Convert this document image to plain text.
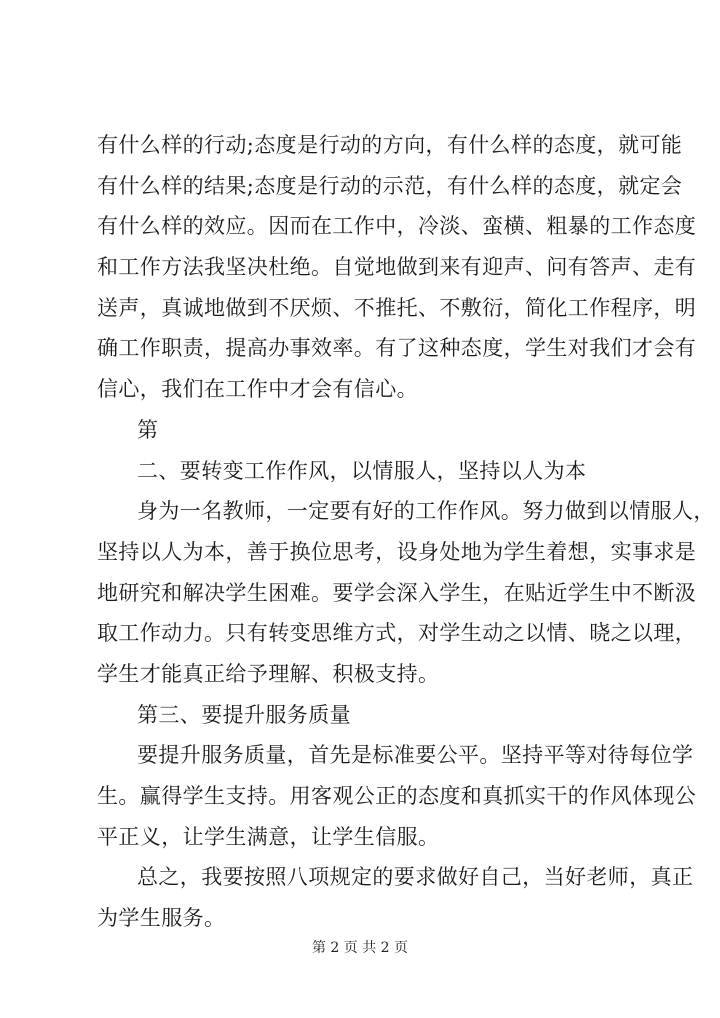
有什么样的行动;态度是行动的方向，有什么样的态度，就可能
有什么样的结果;态度是行动的示范，有什么样的态度，就定会
有什么样的效应。因而在工作中，冷淡、蛮横、粗暴的工作态度
和工作方法我坚决杜绝。自觉地做到来有迎声、问有答声、走有
送声，真诚地做到不厌烦、不推托、不敷衍，简化工作程序，明
确工作职责，提高办事效率。有了这种态度，学生对我们才会有
信心，我们在工作中才会有信心。
第
二、要转变工作作风，以情服人，坚持以人为本
身为一名教师，一定要有好的工作作风。努力做到以情服人，
坚持以人为本，善于换位思考，设身处地为学生着想，实事求是
地研究和解决学生困难。要学会深入学生，在贴近学生中不断汲
取工作动力。只有转变思维方式，对学生动之以情、晓之以理，
学生才能真正给予理解、积极支持。
第三、要提升服务质量
要提升服务质量，首先是标准要公平。坚持平等对待每位学
生。赢得学生支持。用客观公正的态度和真抓实干的作风体现公
平正义，让学生满意，让学生信服。
总之，我要按照八项规定的要求做好自己，当好老师，真正
为学生服务。
第 2 页 共 2 页
